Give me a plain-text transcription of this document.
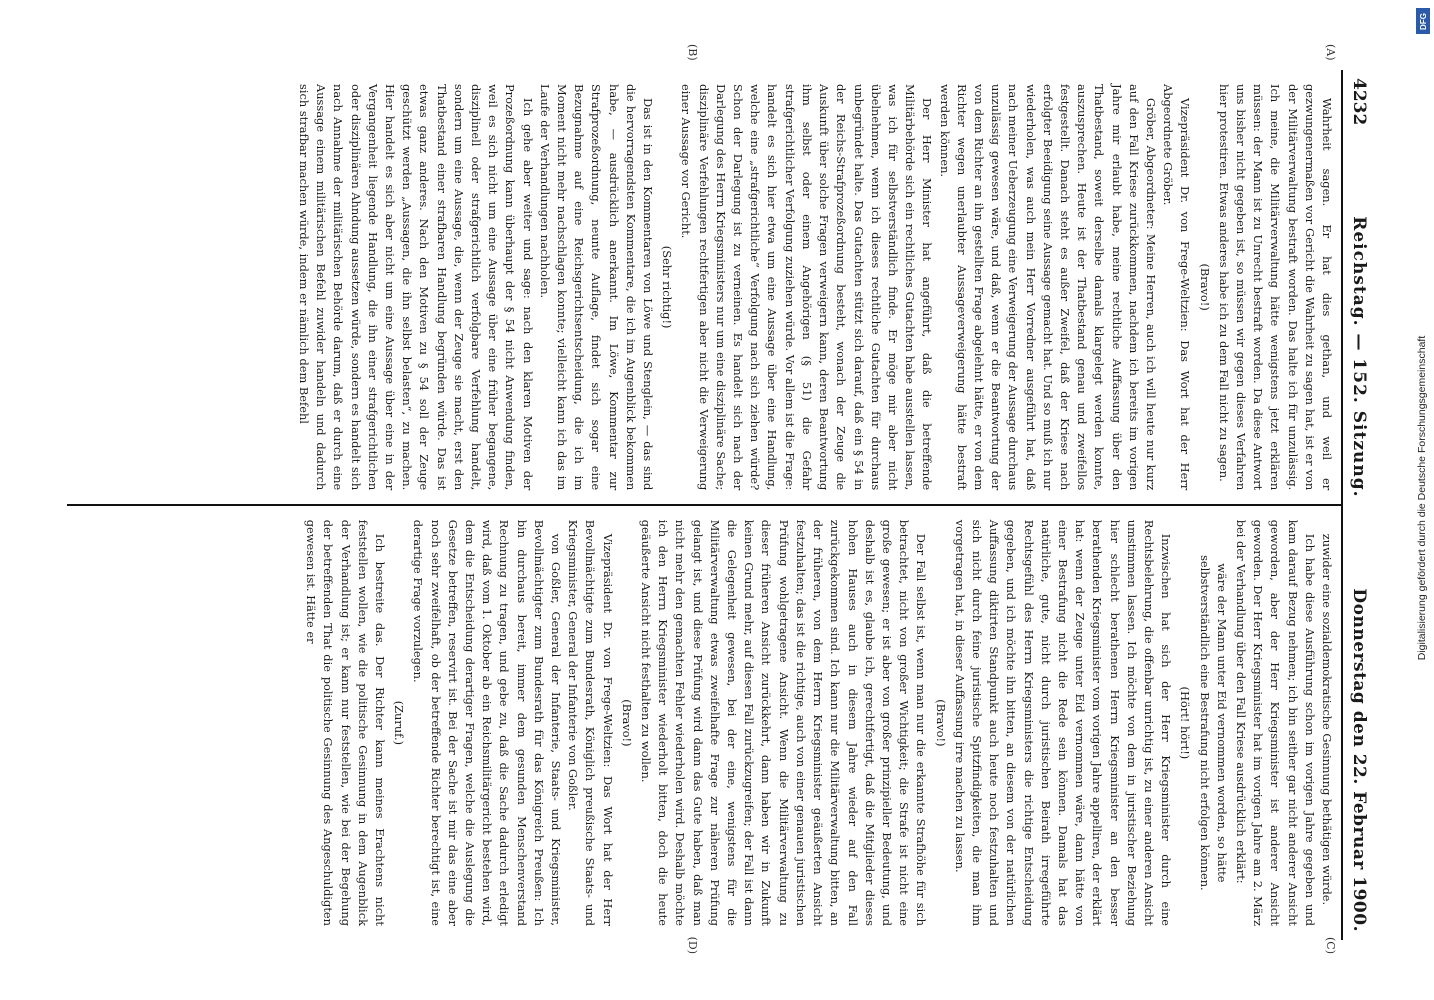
4232
Reichstag. — 152. Sitzung.
Donnerstag den 22. Februar 1900.
(A)
(B)

Wahrheit sagen. Er hat dies gethan, und weil er gezwungenermaßen vor Gericht die Wahrheit zu sagen hat, ist er von der Militärverwaltung bestraft worden. Das halte ich für unzulässig. Ich meine, die Militärverwaltung hätte wenigstens jetzt erklären müssen: der Mann ist zu Unrecht bestraft worden. Da diese Antwort uns bisher nicht gegeben ist, so müssen wir gegen dieses Verfahren hier protestiren. Etwas anderes habe ich zu dem Fall nicht zu sagen.

(Bravo!)

Vizepräsident Dr. von Frege-Weltzien: Das Wort hat der Herr Abgeordnete Gröber.

Gröber, Abgeordneter: Meine Herren, auch ich will heute nur kurz auf den Fall Kriese zurückkommen, nachdem ich bereits im vorigen Jahre mir erlaubt habe, meine rechtliche Auffassung über den Thatbestand, soweit derselbe damals klargelegt werden konnte, auszusprechen. Heute ist der Thatbestand genau und zweifellos festgestellt. Danach steht es außer Zweifel, daß der Kriese nach erfolgter Beeidigung seine Aussage gemacht hat. Und so muß ich nur wiederholen, was auch mein Herr Vorredner ausgeführt hat, daß nach meiner Ueberzeugung eine Verweigerung der Aussage durchaus unzulässig gewesen wäre, und daß, wenn er die Beantwortung der von dem Richter an ihn gestellten Frage abgelehnt hätte, er von dem Richter wegen unerlaubter Aussageverweigerung hätte bestraft werden können.

Der Herr Minister hat angeführt, daß die betreffende Militärbehörde sich ein rechtliches Gutachten habe ausstellen lassen, was ich für selbstverständlich finde. Er möge mir aber nicht übelnehmen, wenn ich dieses rechtliche Gutachten für durchaus unbegründet halte. Das Gutachten stützt sich darauf, daß ein § 54 in der Reichs-Strafprozeßordnung besteht, wonach der Zeuge die Auskunft über solche Fragen verweigern kann, deren Beantwortung ihm selbst oder einem Angehörigen (§ 51) die Gefahr strafgerichtlicher Verfolgung zuziehen würde. Vor allem ist die Frage: handelt es sich hier etwa um eine Aussage über eine Handlung, welche eine „strafgerichtliche“ Verfolgung nach sich ziehen würde? Schon der Darlegung ist zu verneinen. Es handelt sich nach der Darlegung des Herrn Kriegsministers nur um eine disziplinäre Sache; disziplinäre Verfehlungen rechtfertigen aber nicht die Verweigerung einer Aussage vor Gericht.

(Sehr richtig!)

Das ist in den Kommentaren von Löwe und Stenglein, — das sind die hervorragendsten Kommentare, die ich im Augenblick bekommen habe, — ausdrücklich anerkannt. Im Löwe, Kommentar zur Strafprozeßordnung, neunte Auflage, findet sich sogar eine Bezugnahme auf eine Reichsgerichtsentscheidung, die ich im Moment nicht mehr nachschlagen konnte; vielleicht kann ich das im Laufe der Verhandlungen nachholen.

Ich gehe aber weiter und sage: nach den klaren Motiven der Prozeßordnung kann überhaupt der § 54 nicht Anwendung finden, weil es sich nicht um eine Aussage über eine früher begangene, disziplinell oder strafgerichtlich verfolgbare Verfehlung handelt, sondern um eine Aussage, die, wenn der Zeuge sie macht, erst den Thatbestand einer strafbaren Handlung begründen würde. Das ist etwas ganz anderes. Nach den Motiven zu § 54 soll der Zeuge geschützt werden „Aussagen, die ihn selbst belasten“, zu machen. Hier handelt es sich aber nicht um eine Aussage über eine in der Vergangenheit liegende Handlung, die ihn einer strafgerichtlichen oder disziplinären Ahndung aussetzen würde, sondern es handelt sich nach Annahme der militärischen Behörde darum, daß er durch eine Aussage einem militärischen Befehl zuwider handeln und dadurch sich strafbar machen würde, indem er nämlich dem Befehl

(C)
(D)

zuwider eine sozialdemokratische Gesinnung bethätigen würde.

Ich habe diese Ausführung schon im vorigen Jahre gegeben und kam darauf Bezug nehmen; ich bin seither gar nicht anderer Ansicht geworden, aber der Herr Kriegsminister ist anderer Ansicht geworden. Der Herr Kriegsminister hat im vorigen Jahre am 2. März bei der Verhandlung über den Fall Kriese ausdrücklich erklärt:

wäre der Mann unter Eid vernommen worden, so hätte selbstverständlich eine Bestrafung nicht erfolgen können.

(Hört! hört!)

Inzwischen hat sich der Herr Kriegsminister durch eine Rechtsbelehrung, die offenbar unrichtig ist, zu einer anderen Ansicht umstimmen lassen. Ich möchte von dem in juristischer Beziehung hier schlecht berathenen Herrn Kriegsminister an den besser berathenden Kriegsminister vom vorigen Jahre appelliren, der erklärt hat: wenn der Zeuge unter Eid vernommen wäre, dann hätte von einer Bestrafung nicht die Rede sein können. Damals hat das natürliche, gute, nicht durch juristischen Beirath irregeführte Rechtsgefühl des Herrn Kriegsministers die richtige Entscheidung gegeben, und ich möchte ihn bitten, an diesem von der natürlichen Auffassung diktirten Standpunkt auch heute noch festzuhalten und sich nicht durch feine juristische Spitzfindigkeiten, die man ihm vorgetragen hat, in dieser Auffassung irre machen zu lassen.

(Bravo!)

Der Fall selbst ist, wenn man nur die erkannte Strafhöhe für sich betrachtet, nicht von großer Wichtigkeit; die Strafe ist nicht eine große gewesen; er ist aber von großer prinzipieller Bedeutung, und deshalb ist es, glaube ich, gerechtfertigt, daß die Mitglieder dieses hohen Hauses auch in diesem Jahre wieder auf den Fall zurückgekommen sind. Ich kann nur die Militärverwaltung bitten, an der früheren, von dem Herrn Kriegsminister geäußerten Ansicht festzuhalten; das ist die richtige, auch von einer genauen juristischen Prüfung wohlgetragene Ansicht. Wenn die Militärverwaltung zu dieser früheren Ansicht zurückkehrt, dann haben wir in Zukunft keinen Grund mehr, auf diesen Fall zurückzugreifen; der Fall ist dann die Gelegenheit gewesen, bei der eine, wenigstens für die Militärverwaltung etwas zweifelhafte Frage zur näheren Prüfung gelangt ist, und diese Prüfung wird dann das Gute haben, daß man nicht mehr den gemachten Fehler wiederholen wird. Deshalb möchte ich den Herrn Kriegsminister wiederholt bitten, doch die heute geäußerte Ansicht nicht festhalten zu wollen.

(Bravo!)

Vizepräsident Dr. von Frege-Weltzien: Das Wort hat der Herr Bevollmächtigte zum Bundesrath, Königlich preußische Staats- und Kriegsminister, General der Infanterie von Goßler.

von Goßler, General der Infanterie, Staats- und Kriegsminister, Bevollmächtigter zum Bundesrath für das Königreich Preußen: Ich bin durchaus bereit, immer dem gesunden Menschenverstand Rechnung zu tragen, und gebe zu, daß die Sache dadurch erledigt wird, daß vom 1. Oktober ab ein Reichsmilitärgericht bestehen wird, dem die Entscheidung derartiger Fragen, welche die Auslegung die Gesetze betreffen, reservirt ist. Bei der Sache ist mir das eine aber noch sehr zweifelhaft, ob der betreffende Richter berechtigt ist, eine derartige Frage vorzulegen.

(Zuruf.)

Ich bestreite das. Der Richter kann meines Erachtens nicht feststellen wollen, wie die politische Gesinnung in dem Augenblick der Verhandlung ist; er kann nur feststellen, wie bei der Begehung der betreffenden That die politische Gesinnung des Angeschuldigten gewesen ist. Hätte er	Digitalisierung gefördert durch die Deutsche Forschungsgemeinschaft
DFG
